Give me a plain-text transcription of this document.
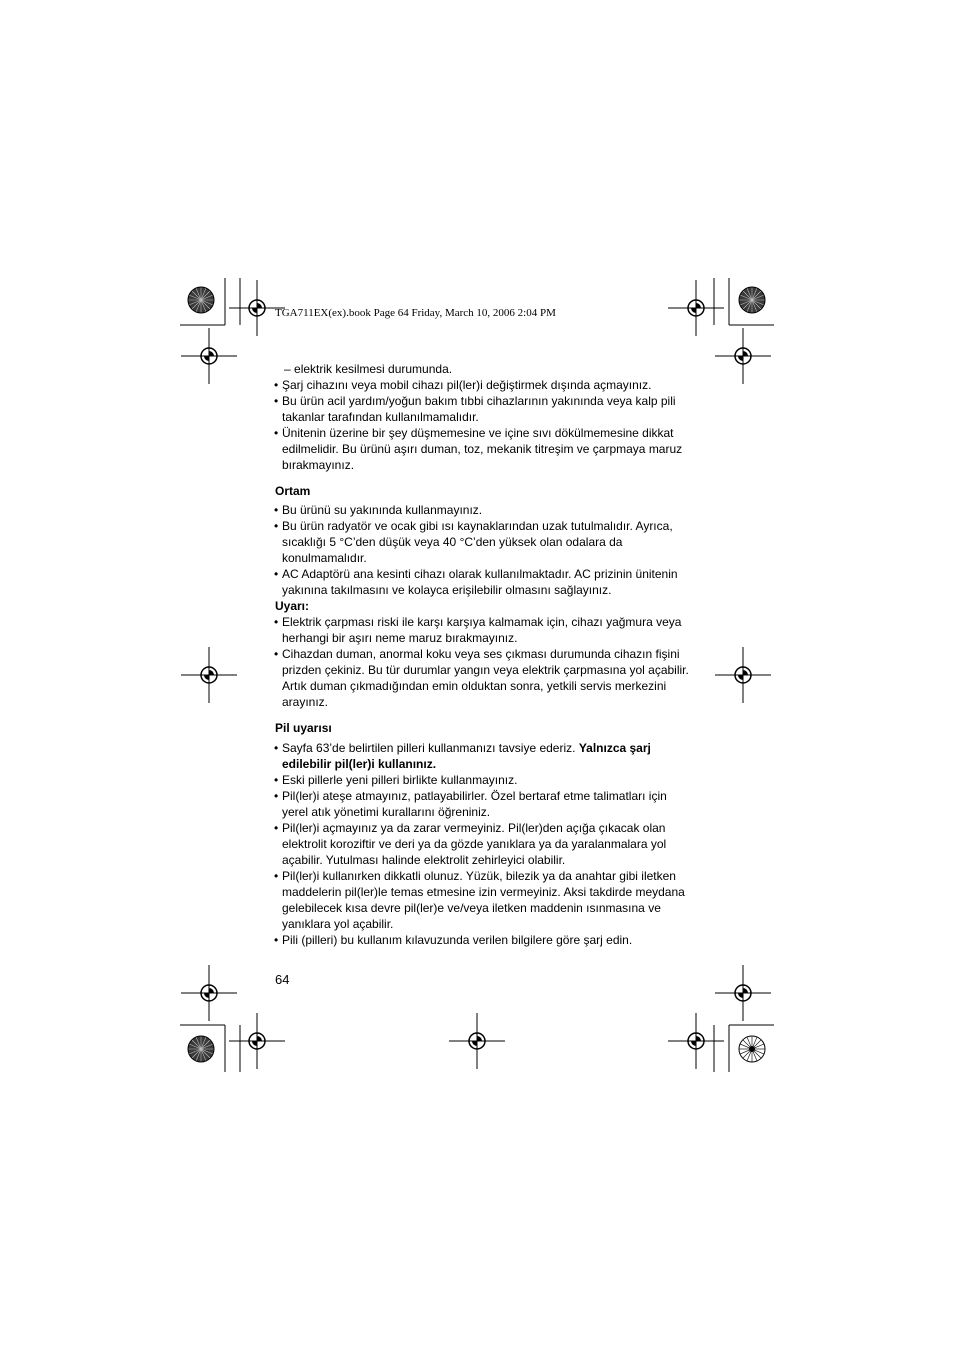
TGA711EX(ex).book Page 64 Friday, March 10, 2006 2:04 PM
– elektrik kesilmesi durumunda.
• Şarj cihazını veya mobil cihazı pil(ler)i değiştirmek dışında açmayınız.
• Bu ürün acil yardım/yoğun bakım tıbbi cihazlarının yakınında veya kalp pili takanlar tarafından kullanılmamalıdır.
• Ünitenin üzerine bir şey düşmemesine ve içine sıvı dökülmemesine dikkat edilmelidir. Bu ürünü aşırı duman, toz, mekanik titreşim ve çarpmaya maruz bırakmayınız.
Ortam
• Bu ürünü su yakınında kullanmayınız.
• Bu ürün radyatör ve ocak gibi ısı kaynaklarından uzak tutulmalıdır. Ayrıca, sıcaklığı 5 °C’den düşük veya 40 °C’den yüksek olan odalara da konulmamalıdır.
• AC Adaptörü ana kesinti cihazı olarak kullanılmaktadır. AC prizinin ünitenin yakınına takılmasını ve kolayca erişilebilir olmasını sağlayınız.
Uyarı:
• Elektrik çarpması riski ile karşı karşıya kalmamak için, cihazı yağmura veya herhangi bir aşırı neme maruz bırakmayınız.
• Cihazdan duman, anormal koku veya ses çıkması durumunda cihazın fişini prizden çekiniz. Bu tür durumlar yangın veya elektrik çarpmasına yol açabilir. Artık duman çıkmadığından emin olduktan sonra, yetkili servis merkezini arayınız.
Pil uyarısı
• Sayfa 63’de belirtilen pilleri kullanmanızı tavsiye ederiz. Yalnızca şarj edilebilir pil(ler)i kullanınız.
• Eski pillerle yeni pilleri birlikte kullanmayınız.
• Pil(ler)i ateşe atmayınız, patlayabilirler. Özel bertaraf etme talimatları için yerel atık yönetimi kurallarını öğreniniz.
• Pil(ler)i açmayınız ya da zarar vermeyiniz. Pil(ler)den açığa çıkacak olan elektrolit koroziftir ve deri ya da gözde yanıklara ya da yaralanmalara yol açabilir. Yutulması halinde elektrolit zehirleyici olabilir.
• Pil(ler)i kullanırken dikkatli olunuz. Yüzük, bilezik ya da anahtar gibi iletken maddelerin pil(ler)le temas etmesine izin vermeyiniz. Aksi takdirde meydana gelebilecek kısa devre pil(ler)e ve/veya iletken maddenin ısınmasına ve yanıklara yol açabilir.
• Pili (pilleri) bu kullanım kılavuzunda verilen bilgilere göre şarj edin.
64
